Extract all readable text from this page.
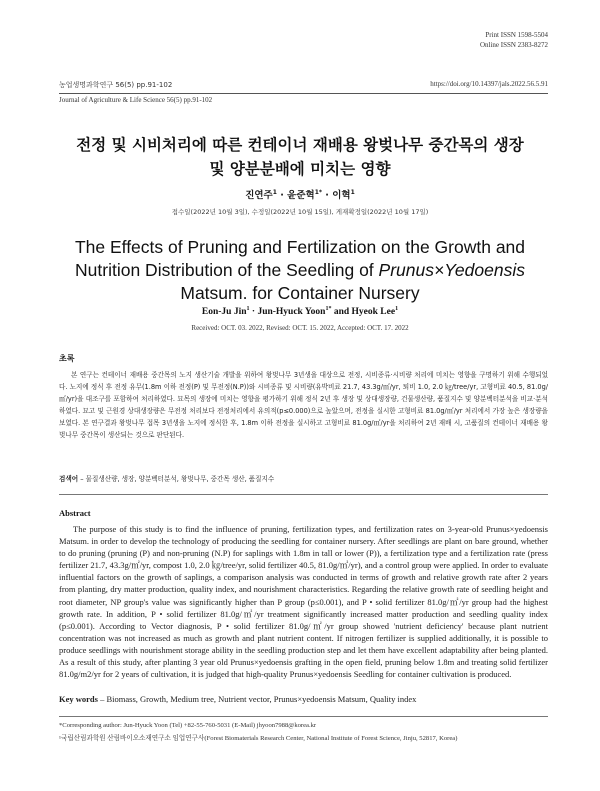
Print ISSN 1598-5504
Online ISSN 2383-8272
농업생명과학연구 56(5) pp.91-102	https://doi.org/10.14397/jals.2022.56.5.91
Journal of Agriculture & Life Science 56(5) pp.91-102
전정 및 시비처리에 따른 컨테이너 재배용 왕벚나무 중간목의 생장 및 양분분배에 미치는 영향
진연주$^1$ · 윤준혁$^{1*}$ · 이혁$^1$
접수일(2022년 10월 3일), 수정일(2022년 10월 15일), 게재확정일(2022년 10월 17일)
The Effects of Pruning and Fertilization on the Growth and Nutrition Distribution of the Seedling of Prunus×Yedoensis Matsum. for Container Nursery
Eon-Ju Jin$^1$ · Jun-Hyuck Yoon$^{1*}$ and Hyeok Lee$^1$
Received: OCT. 03. 2022, Revised: OCT. 15. 2022, Accepted: OCT. 17. 2022
초록

본 연구는 컨테이너 재배용 중간목의 노지 생산기술 개발을 위하여 왕벚나무 3년생을 대상으로 전정, 시비종류·시비량 처리에 미치는 영향을 구명하기 위해 수행되었다. 노지에 정식 후 전정 유무(1.8m 이하 전정(P) 및 무전정(N.P))와 시비종류 및 시비량(유박비료 21.7, 43.3g/㎡/yr, 퇴비 1.0, 2.0 ㎏/tree/yr, 고형비료 40.5, 81.0g/㎡/yr)을 대조구를 포함하여 처리하였다. 묘목의 생장에 미치는 영향을 평가하기 위해 정식 2년 후 생장 및 상대생장량, 건물생산량, 품질지수 및 양분벡터분석을 비교·분석하였다. 묘고 및 근원경 상대생장량은 무전정 처리보다 전정처리에서 유의적(p≤0.000)으로 높았으며, 전정을 실시한 고형비료 81.0g/㎡/yr 처리에서 가장 높은 생장량을 보였다. 본 연구결과 왕벚나무 접목 3년생을 노지에 정식한 후, 1.8m 이하 전정을 실시하고 고형비료 81.0g/㎡/yr을 처리하여 2년 재배 시, 고품질의 컨테이너 재배용 왕벚나무 중간목이 생산되는 것으로 판단된다.

검색어 – 물질생산량, 생장, 양분벡터분석, 왕벚나무, 중간목 생산, 품질지수
Abstract

The purpose of this study is to find the influence of pruning, fertilization types, and fertilization rates on 3-year-old Prunus×yedoensis Matsum. in order to develop the technology of producing the seedling for container nursery. After seedlings are plant on bare ground, whether to do pruning (pruning (P) and non-pruning (N.P) for saplings with 1.8m in tall or lower (P)), a fertilization type and a fertilization rate (press fertilizer 21.7, 43.3g/㎡/yr, compost 1.0, 2.0 ㎏/tree/yr, solid fertilizer 40.5, 81.0g/㎡/yr), and a control group were applied. In order to evaluate influential factors on the growth of saplings, a comparison analysis was conducted in terms of growth and relative growth rate after 2 years from planting, dry matter production, quality index, and nourishment characteristics. Regarding the relative growth rate of seedling height and root diameter, NP group's value was significantly higher than P group (p≤0.001), and P • solid fertilizer 81.0g/㎡/yr group had the highest growth rate. In addition, P • solid fertilizer 81.0g/㎡/yr treatment significantly increased matter production and seedling quality index (p≤0.001). According to Vector diagnosis, P • solid fertilizer 81.0g/㎡/yr group showed 'nutrient deficiency' because plant nutrient concentration was not increased as much as growth and plant nutrient content. If nitrogen fertilizer is supplied additionally, it is possible to produce seedlings with nourishment storage ability in the seedling production step and let them have excellent adaptability after being planted. As a result of this study, after planting 3 year old Prunus×yedoensis grafting in the open field, pruning below 1.8m and treating solid fertilizer 81.0g/m2/yr for 2 years of cultivation, it is judged that high-quality Prunus×yedoensis Seedling for container cultivation is produced.

Key words – Biomass, Growth, Medium tree, Nutrient vector, Prunus×yedoensis Matsum, Quality index
*Corresponding author: Jun-Hyuck Yoon (Tel) +82-55-760-5031 (E-Mail) jhyoon7988@korea.kr
¹국립산림과학원 산림바이오소재연구소 임업연구사(Forest Biomaterials Research Center, National Institute of Forest Science, Jinju, 52817, Korea)
